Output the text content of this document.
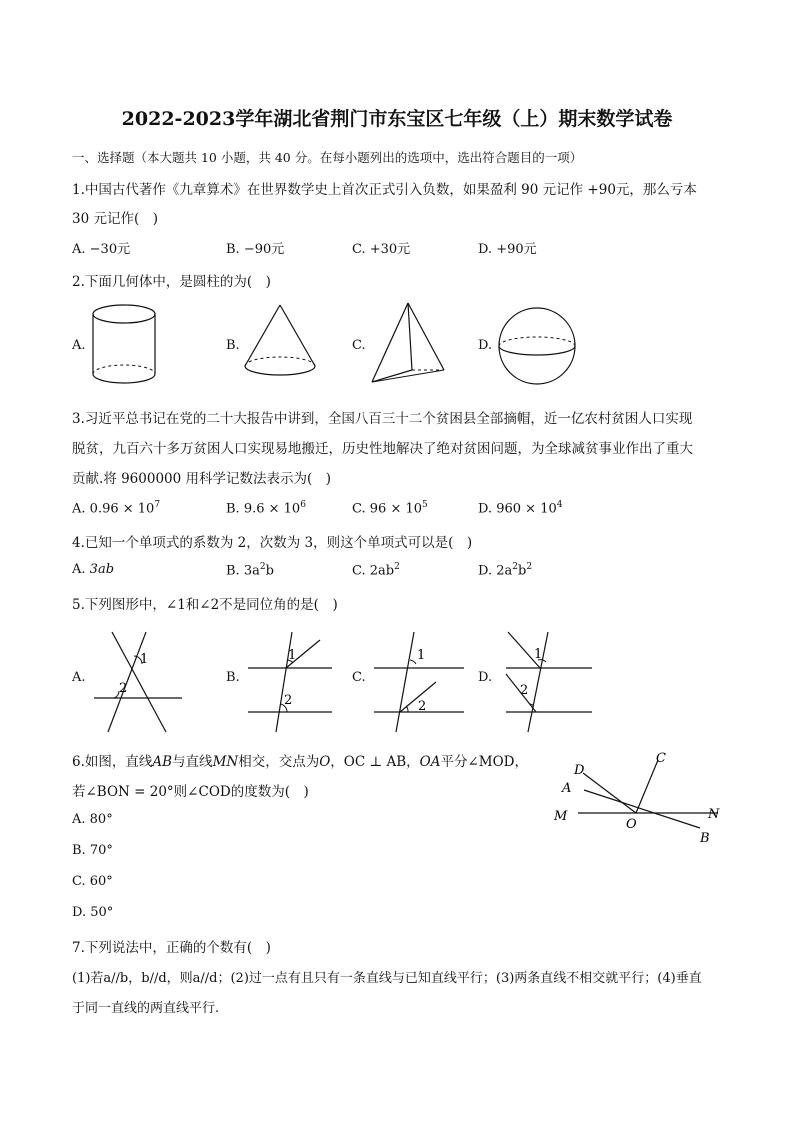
2022-2023学年湖北省荆门市东宝区七年级（上）期末数学试卷
一、选择题（本大题共 10 小题，共 40 分。在每小题列出的选项中，选出符合题目的一项）
1.中国古代著作《九章算术》在世界数学史上首次正式引入负数，如果盈利 90 元记作 +90元，那么亏本
30 元记作(　)
A. −30元	B. −90元	C. +30元	D. +90元
2.下面几何体中，是圆柱的为(　)
A.	B.	C.	D.
3.习近平总书记在党的二十大报告中讲到，全国八百三十二个贫困县全部摘帽，近一亿农村贫困人口实现
脱贫，九百六十多万贫困人口实现易地搬迁，历史性地解决了绝对贫困问题，为全球减贫事业作出了重大
贡献.将 9600000 用科学记数法表示为(　)
A. $0.96 \times 10^7$	B. $9.6 \times 10^6$	C. $96 \times 10^5$	D. $960 \times 10^4$
4.已知一个单项式的系数为 2，次数为 3，则这个单项式可以是(　)
A. 3ab	B. $3a^2b$	C. $2ab^2$	D. $2a^2b^2$
5.下列图形中，∠1和∠2不是同位角的是(　)
A.	B.	C.	D.
1
2
1
2
1
2
1
2
6.如图，直线AB与直线MN相交，交点为O，OC ⊥ AB，OA平分∠MOD，
若∠BON = 20°则∠COD的度数为(　)
A. 80°
B. 70°
C. 60°
D. 50°
D
C
A
M
O
N
B
7.下列说法中，正确的个数有(　)
(1)若a//b，b//d，则a//d；(2)过一点有且只有一条直线与已知直线平行；(3)两条直线不相交就平行；(4)垂直
于同一直线的两直线平行.
